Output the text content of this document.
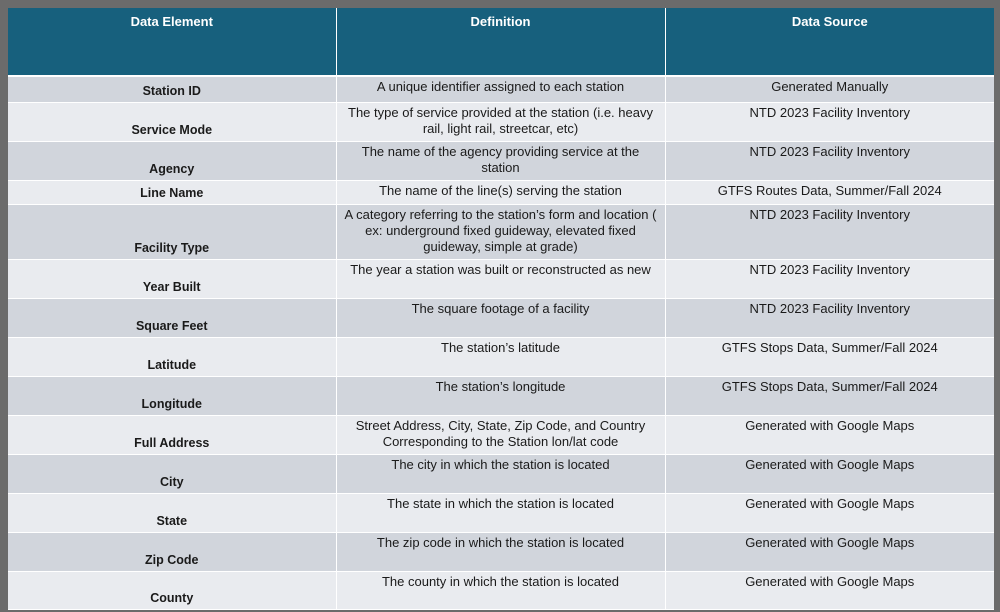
Data Element	Definition	Data Source
Station ID	A unique identifier assigned to each station	Generated Manually
Service Mode	The type of service provided at the station (i.e. heavy rail, light rail, streetcar, etc)	NTD 2023 Facility Inventory
Agency	The name of the agency providing service at the station	NTD 2023 Facility Inventory
Line Name	The name of the line(s) serving the station	GTFS Routes Data, Summer/Fall 2024
Facility Type	A category referring to the station’s form and location ( ex: underground fixed guideway, elevated fixed guideway, simple at grade)	NTD 2023 Facility Inventory
Year Built	The year a station was built or reconstructed as new	NTD 2023 Facility Inventory
Square Feet	The square footage of a facility	NTD 2023 Facility Inventory
Latitude	The station’s latitude	GTFS Stops Data, Summer/Fall 2024
Longitude	The station’s longitude	GTFS Stops Data, Summer/Fall 2024
Full Address	Street Address, City, State, Zip Code, and Country Corresponding to the Station lon/lat code	Generated with Google Maps
City	The city in which the station is located	Generated with Google Maps
State	The state in which the station is located	Generated with Google Maps
Zip Code	The zip code in which the station is located	Generated with Google Maps
County	The county in which the station is located	Generated with Google Maps
